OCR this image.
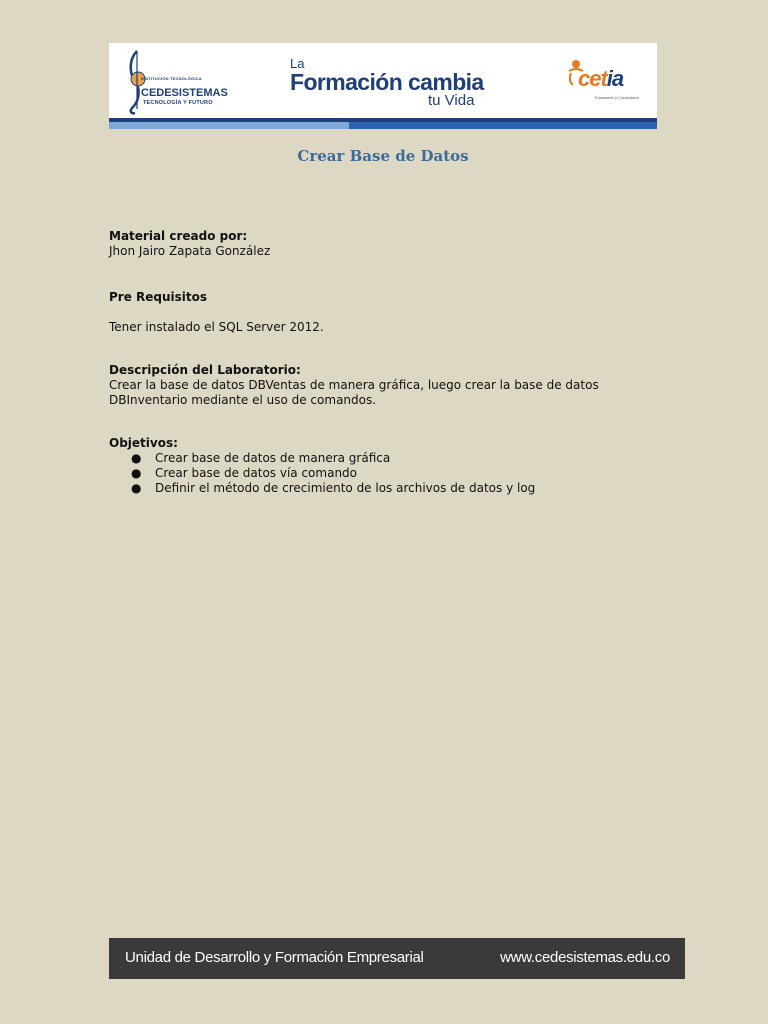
INSTITUCIÓN TECNOLÓGICA
CEDESISTEMAS
TECNOLOGÍA Y FUTURO
La
Formación cambia
tu Vida
cetia
Formación y Consultoría
Crear Base de Datos
Material creado por:
Jhon Jairo Zapata González
Pre Requisitos
Tener instalado el SQL Server 2012.
Descripción del Laboratorio:
Crear la base de datos DBVentas de manera gráfica, luego crear la base de datos DBInventario mediante el uso de comandos.
Objetivos:
● Crear base de datos de manera gráfica
● Crear base de datos vía comando
● Definir el método de crecimiento de los archivos de datos y log
Unidad de Desarrollo y Formación Empresarial	www.cedesistemas.edu.co
